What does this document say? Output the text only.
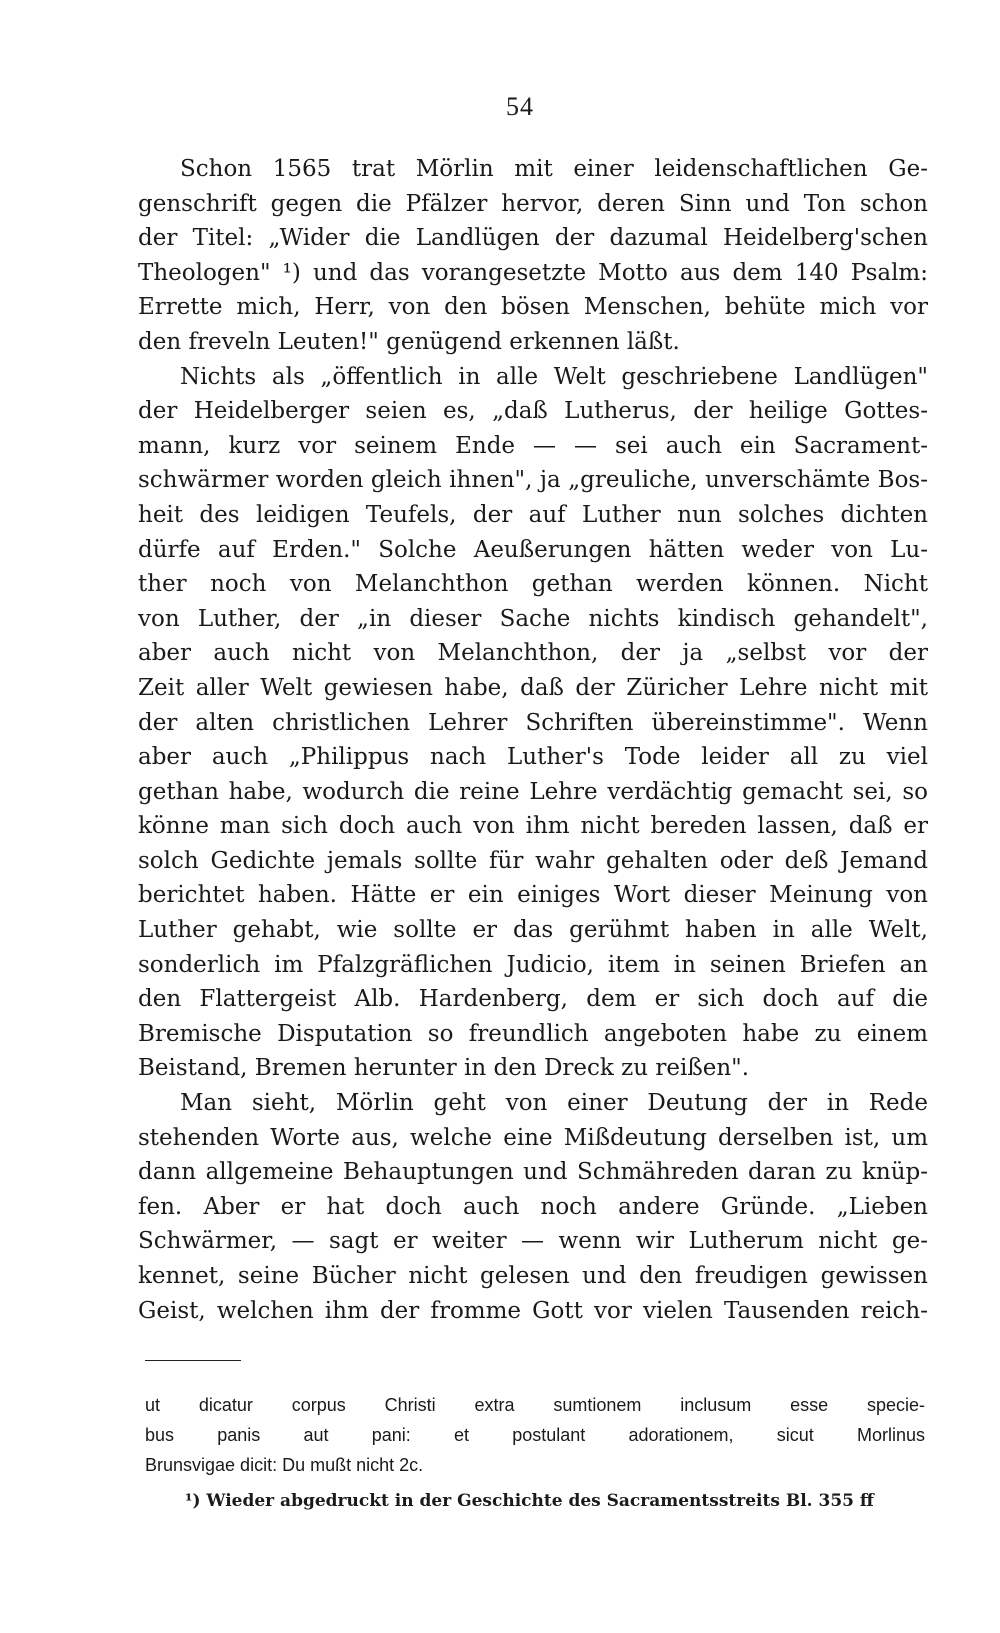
54
Schon 1565 trat Mörlin mit einer leidenschaftlichen Ge-
genschrift gegen die Pfälzer hervor, deren Sinn und Ton schon
der Titel: „Wider die Landlügen der dazumal Heidelberg'schen
Theologen" ¹) und das vorangesetzte Motto aus dem 140 Psalm:
Errette mich, Herr, von den bösen Menschen, behüte mich vor
den freveln Leuten!" genügend erkennen läßt.
Nichts als „öffentlich in alle Welt geschriebene Landlügen"
der Heidelberger seien es, „daß Lutherus, der heilige Gottes-
mann, kurz vor seinem Ende — — sei auch ein Sacrament-
schwärmer worden gleich ihnen", ja „greuliche, unverschämte Bos-
heit des leidigen Teufels, der auf Luther nun solches dichten
dürfe auf Erden." Solche Aeußerungen hätten weder von Lu-
ther noch von Melanchthon gethan werden können. Nicht
von Luther, der „in dieser Sache nichts kindisch gehandelt",
aber auch nicht von Melanchthon, der ja „selbst vor der
Zeit aller Welt gewiesen habe, daß der Züricher Lehre nicht mit
der alten christlichen Lehrer Schriften übereinstimme". Wenn
aber auch „Philippus nach Luther's Tode leider all zu viel
gethan habe, wodurch die reine Lehre verdächtig gemacht sei, so
könne man sich doch auch von ihm nicht bereden lassen, daß er
solch Gedichte jemals sollte für wahr gehalten oder deß Jemand
berichtet haben. Hätte er ein einiges Wort dieser Meinung von
Luther gehabt, wie sollte er das gerühmt haben in alle Welt,
sonderlich im Pfalzgräflichen Judicio, item in seinen Briefen an
den Flattergeist Alb. Hardenberg, dem er sich doch auf die
Bremische Disputation so freundlich angeboten habe zu einem
Beistand, Bremen herunter in den Dreck zu reißen".
Man sieht, Mörlin geht von einer Deutung der in Rede
stehenden Worte aus, welche eine Mißdeutung derselben ist, um
dann allgemeine Behauptungen und Schmähreden daran zu knüp-
fen. Aber er hat doch auch noch andere Gründe. „Lieben
Schwärmer, — sagt er weiter — wenn wir Lutherum nicht ge-
kennet, seine Bücher nicht gelesen und den freudigen gewissen
Geist, welchen ihm der fromme Gott vor vielen Tausenden reich-
ut dicatur corpus Christi extra sumtionem inclusum esse specie-
bus panis aut pani: et postulant adorationem, sicut Morlinus
Brunsvigae dicit: Du mußt nicht 2c.
¹) Wieder abgedruckt in der Geschichte des Sacramentsstreits Bl. 355 ff
